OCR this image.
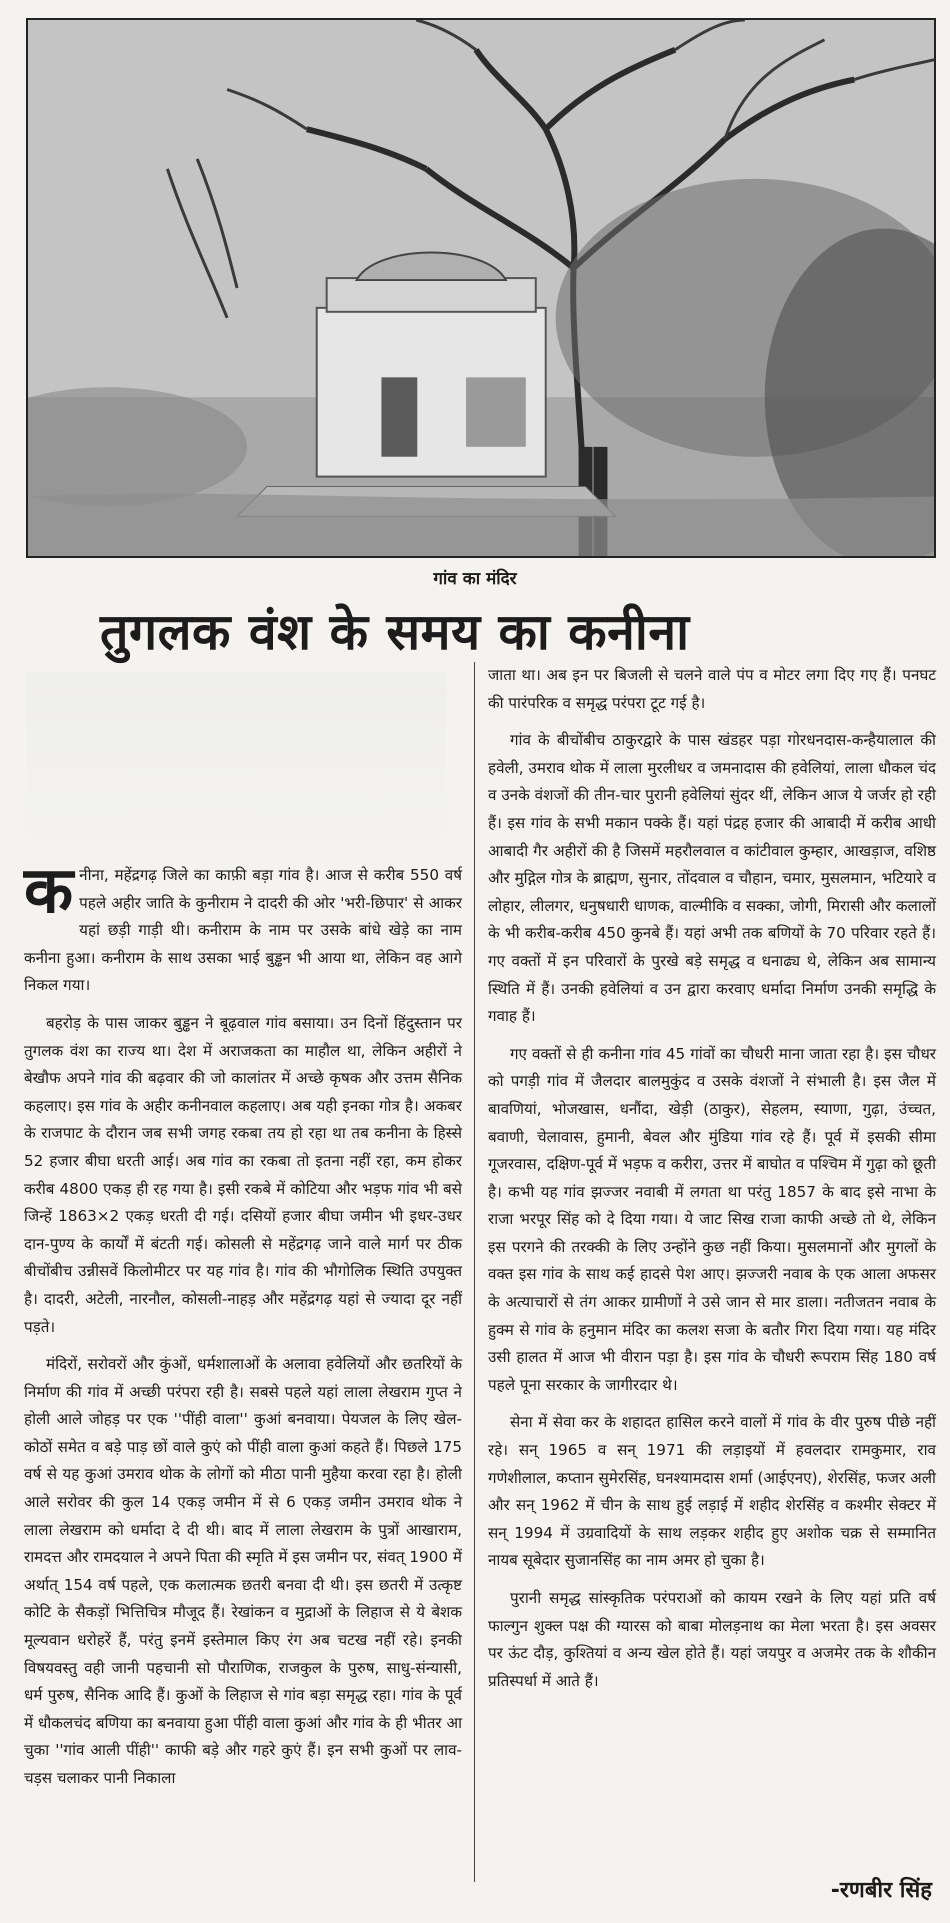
गांव का मंदिर
तुगलक वंश के समय का कनीना

कनीना, महेंद्रगढ़ जिले का काफ़ी बड़ा गांव है। आज से करीब 550 वर्ष पहले अहीर जाति के कुनीराम ने दादरी की ओर 'भरी-छिपार' से आकर यहां छड़ी गाड़ी थी। कनीराम के नाम पर उसके बांधे खेड़े का नाम कनीना हुआ। कनीराम के साथ उसका भाई बुड्ढन भी आया था, लेकिन वह आगे निकल गया।

बहरोड़ के पास जाकर बुड्ढन ने बूढ़वाल गांव बसाया। उन दिनों हिंदुस्तान पर तुगलक वंश का राज्य था। देश में अराजकता का माहौल था, लेकिन अहीरों ने बेखौफ अपने गांव की बढ़वार की जो कालांतर में अच्छे कृषक और उत्तम सैनिक कहलाए। इस गांव के अहीर कनीनवाल कहलाए। अब यही इनका गोत्र है। अकबर के राजपाट के दौरान जब सभी जगह रकबा तय हो रहा था तब कनीना के हिस्से 52 हजार बीघा धरती आई। अब गांव का रकबा तो इतना नहीं रहा, कम होकर करीब 4800 एकड़ ही रह गया है। इसी रकबे में कोटिया और भड़फ गांव भी बसे जिन्हें 1863×2 एकड़ धरती दी गई। दसियों हजार बीघा जमीन भी इधर-उधर दान-पुण्य के कार्यों में बंटती गई। कोसली से महेंद्रगढ़ जाने वाले मार्ग पर ठीक बीचोंबीच उन्नीसवें किलोमीटर पर यह गांव है। गांव की भौगोलिक स्थिति उपयुक्त है। दादरी, अटेली, नारनौल, कोसली-नाहड़ और महेंद्रगढ़ यहां से ज्यादा दूर नहीं पड़ते।

मंदिरों, सरोवरों और कुंओं, धर्मशालाओं के अलावा हवेलियों और छतरियों के निर्माण की गांव में अच्छी परंपरा रही है। सबसे पहले यहां लाला लेखराम गुप्त ने होली आले जोहड़ पर एक ''पींही वाला'' कुआं बनवाया। पेयजल के लिए खेल-कोठों समेत व बड़े पाड़ छों वाले कुएं को पींही वाला कुआं कहते हैं। पिछले 175 वर्ष से यह कुआं उमराव थोक के लोगों को मीठा पानी मुहैया करवा रहा है। होली आले सरोवर की कुल 14 एकड़ जमीन में से 6 एकड़ जमीन उमराव थोक ने लाला लेखराम को धर्मादा दे दी थी। बाद में लाला लेखराम के पुत्रों आखाराम, रामदत्त और रामदयाल ने अपने पिता की स्मृति में इस जमीन पर, संवत् 1900 में अर्थात् 154 वर्ष पहले, एक कलात्मक छतरी बनवा दी थी। इस छतरी में उत्कृष्ट कोटि के सैकड़ों भित्तिचित्र मौजूद हैं। रेखांकन व मुद्राओं के लिहाज से ये बेशक मूल्यवान धरोहरें हैं, परंतु इनमें इस्तेमाल किए रंग अब चटख नहीं रहे। इनकी विषयवस्तु वही जानी पहचानी सो पौराणिक, राजकुल के पुरुष, साधु-संन्यासी, धर्म पुरुष, सैनिक आदि हैं। कुओं के लिहाज से गांव बड़ा समृद्ध रहा। गांव के पूर्व में धौकलचंद बणिया का बनवाया हुआ पींही वाला कुआं और गांव के ही भीतर आ चुका ''गांव आली पींही'' काफी बड़े और गहरे कुएं हैं। इन सभी कुओं पर लाव-चड़स चलाकर पानी निकाला

जाता था। अब इन पर बिजली से चलने वाले पंप व मोटर लगा दिए गए हैं। पनघट की पारंपरिक व समृद्ध परंपरा टूट गई है।

गांव के बीचोंबीच ठाकुरद्वारे के पास खंडहर पड़ा गोरधनदास-कन्हैयालाल की हवेली, उमराव थोक में लाला मुरलीधर व जमनादास की हवेलियां, लाला धौकल चंद व उनके वंशजों की तीन-चार पुरानी हवेलियां सुंदर थीं, लेकिन आज ये जर्जर हो रही हैं। इस गांव के सभी मकान पक्के हैं। यहां पंद्रह हजार की आबादी में करीब आधी आबादी गैर अहीरों की है जिसमें महरौलवाल व कांटीवाल कुम्हार, आखड़ाज, वशिष्ठ और मुद्गिल गोत्र के ब्राह्मण, सुनार, तोंदवाल व चौहान, चमार, मुसलमान, भटियारे व लोहार, लीलगर, धनुषधारी धाणक, वाल्मीकि व सक्का, जोगी, मिरासी और कलालों के भी करीब-करीब 450 कुनबे हैं। यहां अभी तक बणियों के 70 परिवार रहते हैं। गए वक्तों में इन परिवारों के पुरखे बड़े समृद्ध व धनाढ्य थे, लेकिन अब सामान्य स्थिति में हैं। उनकी हवेलियां व उन द्वारा करवाए धर्मादा निर्माण उनकी समृद्धि के गवाह हैं।

गए वक्तों से ही कनीना गांव 45 गांवों का चौधरी माना जाता रहा है। इस चौधर को पगड़ी गांव में जैलदार बालमुकुंद व उसके वंशजों ने संभाली है। इस जैल में बावणियां, भोजखास, धनौंदा, खेड़ी (ठाकुर), सेहलम, स्याणा, गुढ़ा, उंच्चत, बवाणी, चेलावास, हुमानी, बेवल और मुंडिया गांव रहे हैं। पूर्व में इसकी सीमा गूजरवास, दक्षिण-पूर्व में भड़फ व करीरा, उत्तर में बाघोत व पश्चिम में गुढ़ा को छूती है। कभी यह गांव झज्जर नवाबी में लगता था परंतु 1857 के बाद इसे नाभा के राजा भरपूर सिंह को दे दिया गया। ये जाट सिख राजा काफी अच्छे तो थे, लेकिन इस परगने की तरक्की के लिए उन्होंने कुछ नहीं किया। मुसलमानों और मुगलों के वक्त इस गांव के साथ कई हादसे पेश आए। झज्जरी नवाब के एक आला अफसर के अत्याचारों से तंग आकर ग्रामीणों ने उसे जान से मार डाला। नतीजतन नवाब के हुक्म से गांव के हनुमान मंदिर का कलश सजा के बतौर गिरा दिया गया। यह मंदिर उसी हालत में आज भी वीरान पड़ा है। इस गांव के चौधरी रूपराम सिंह 180 वर्ष पहले पूना सरकार के जागीरदार थे।

सेना में सेवा कर के शहादत हासिल करने वालों में गांव के वीर पुरुष पीछे नहीं रहे। सन् 1965 व सन् 1971 की लड़ाइयों में हवलदार रामकुमार, राव गणेशीलाल, कप्तान सुमेरसिंह, घनश्यामदास शर्मा (आईएनए), शेरसिंह, फजर अली और सन् 1962 में चीन के साथ हुई लड़ाई में शहीद शेरसिंह व कश्मीर सेक्टर में सन् 1994 में उग्रवादियों के साथ लड़कर शहीद हुए अशोक चक्र से सम्मानित नायब सूबेदार सुजानसिंह का नाम अमर हो चुका है।

पुरानी समृद्ध सांस्कृतिक परंपराओं को कायम रखने के लिए यहां प्रति वर्ष फाल्गुन शुक्ल पक्ष की ग्यारस को बाबा मोलड़नाथ का मेला भरता है। इस अवसर पर ऊंट दौड़, कुश्तियां व अन्य खेल होते हैं। यहां जयपुर व अजमेर तक के शौकीन प्रतिस्पर्धा में आते हैं।

-रणबीर सिंह
